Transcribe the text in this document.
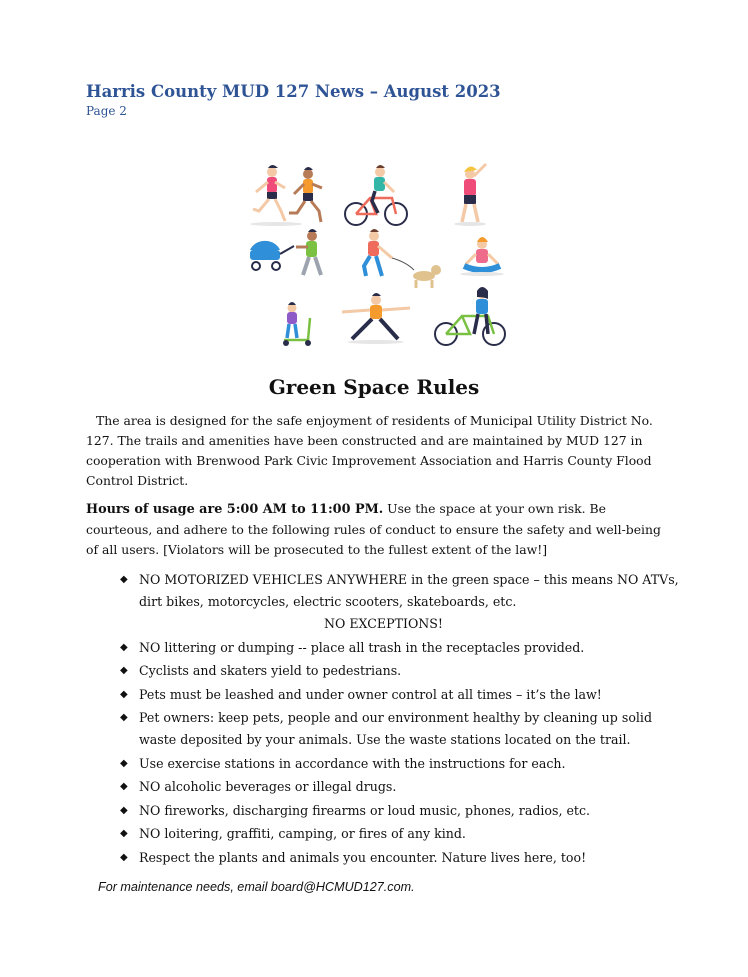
Harris County MUD 127 News – August 2023
Page 2
Green Space Rules
The area is designed for the safe enjoyment of residents of Municipal Utility District No. 127. The trails and amenities have been constructed and are maintained by MUD 127 in cooperation with Brenwood Park Civic Improvement Association and Harris County Flood Control District.
Hours of usage are 5:00 AM to 11:00 PM. Use the space at your own risk. Be courteous, and adhere to the following rules of conduct to ensure the safety and well-being of all users. [Violators will be prosecuted to the fullest extent of the law!]
◆ NO MOTORIZED VEHICLES ANYWHERE in the green space – this means NO ATVs, dirt bikes, motorcycles, electric scooters, skateboards, etc.
NO EXCEPTIONS!
◆ NO littering or dumping -- place all trash in the receptacles provided.
◆ Cyclists and skaters yield to pedestrians.
◆ Pets must be leashed and under owner control at all times – it’s the law!
◆ Pet owners: keep pets, people and our environment healthy by cleaning up solid waste deposited by your animals. Use the waste stations located on the trail.
◆ Use exercise stations in accordance with the instructions for each.
◆ NO alcoholic beverages or illegal drugs.
◆ NO fireworks, discharging firearms or loud music, phones, radios, etc.
◆ NO loitering, graffiti, camping, or fires of any kind.
◆ Respect the plants and animals you encounter. Nature lives here, too!
For maintenance needs, email board@HCMUD127.com.
